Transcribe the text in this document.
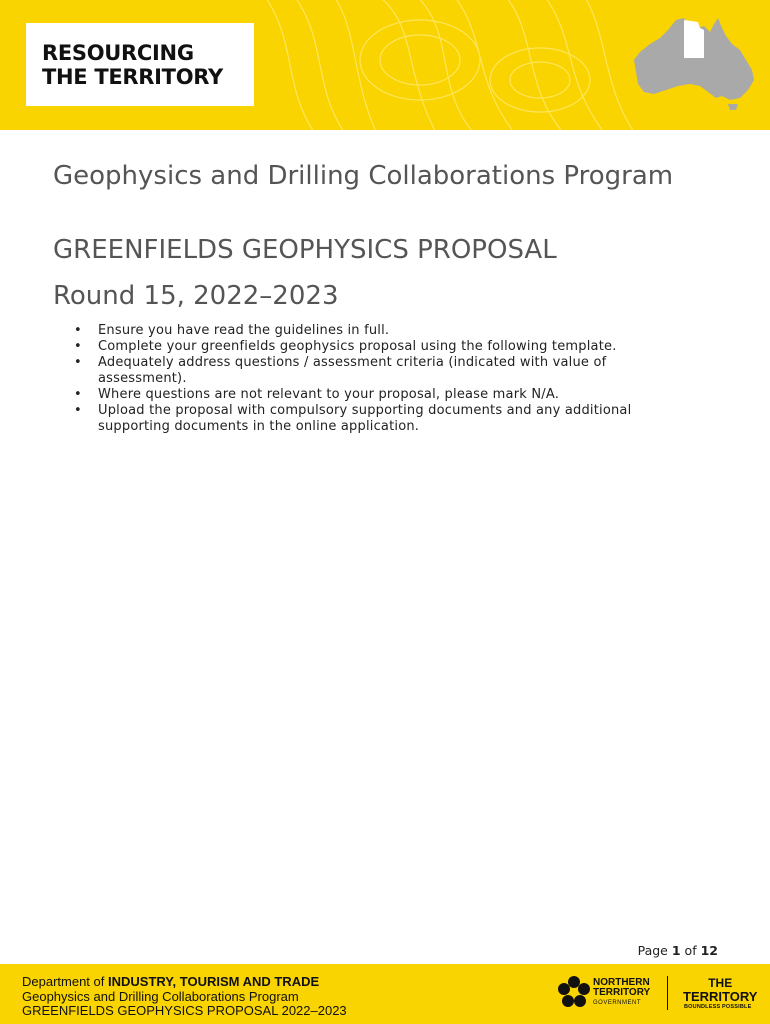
RESOURCING
THE TERRITORY
Geophysics and Drilling Collaborations Program
GREENFIELDS GEOPHYSICS PROPOSAL
Round 15, 2022–2023
• Ensure you have read the guidelines in full.
• Complete your greenfields geophysics proposal using the following template.
• Adequately address questions / assessment criteria (indicated with value of assessment).
• Where questions are not relevant to your proposal, please mark N/A.
• Upload the proposal with compulsory supporting documents and any additional supporting documents in the online application.
Page 1 of 12
Department of INDUSTRY, TOURISM AND TRADE
Geophysics and Drilling Collaborations Program
GREENFIELDS GEOPHYSICS PROPOSAL 2022–2023
NORTHERN
TERRITORY
GOVERNMENT
THE
TERRITORY
BOUNDLESS POSSIBLE
